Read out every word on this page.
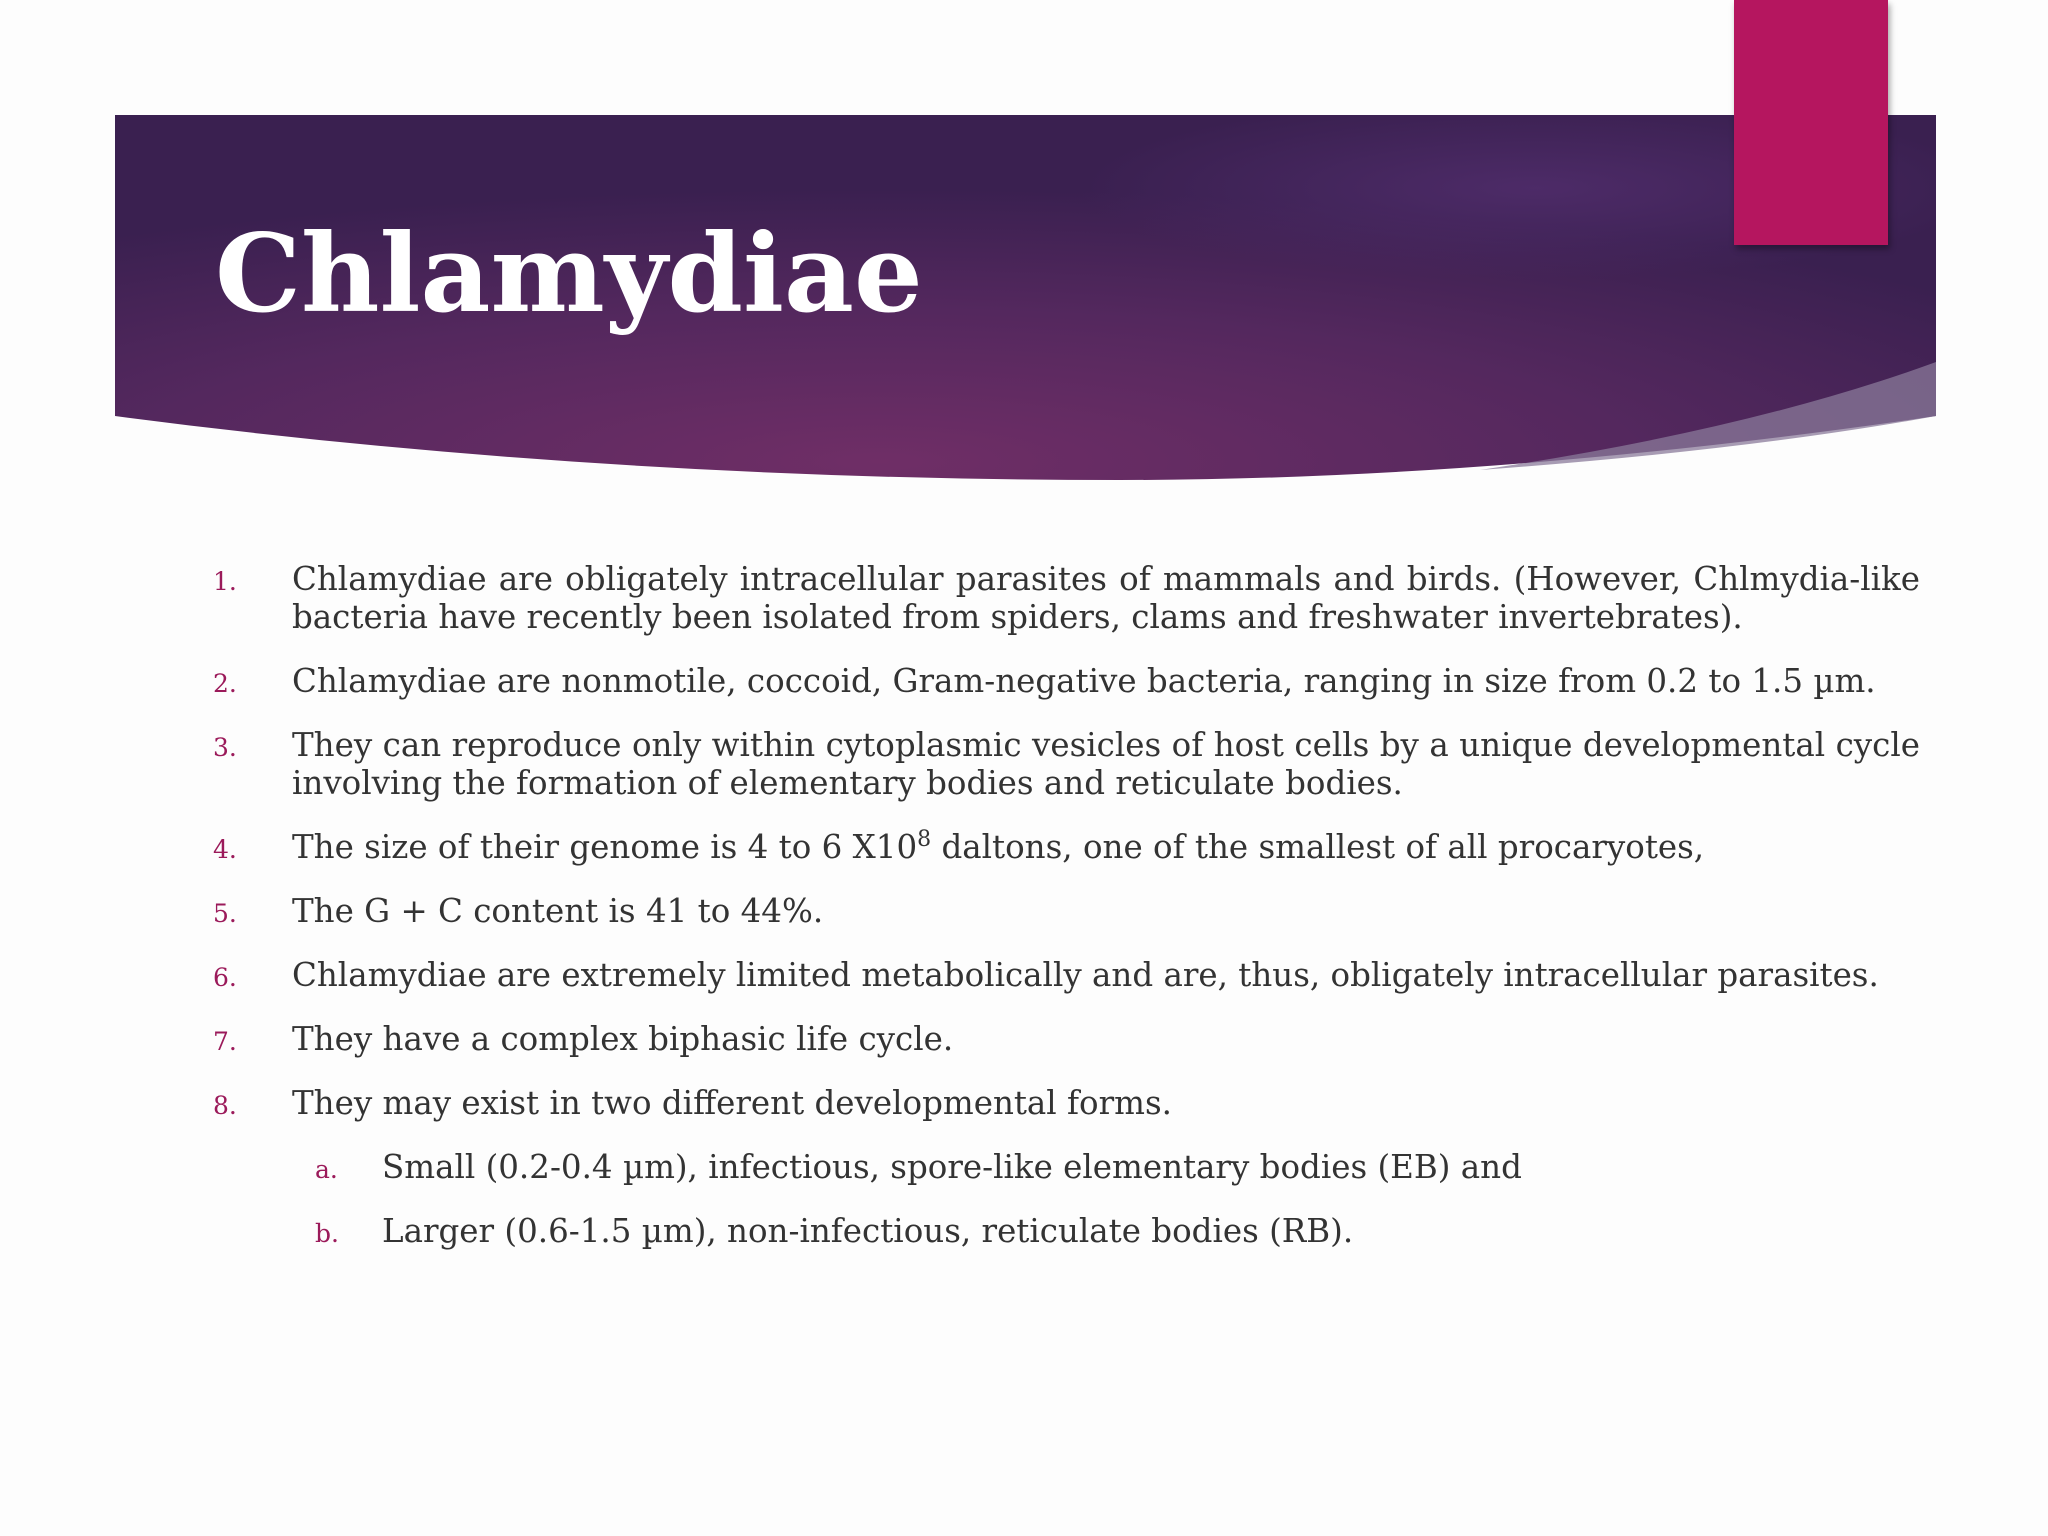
Chlamydiae
1. Chlamydiae are obligately intracellular parasites of mammals and birds. (However, Chlmydia-like bacteria have recently been isolated from spiders, clams and freshwater invertebrates).
2. Chlamydiae are nonmotile, coccoid, Gram-negative bacteria, ranging in size from 0.2 to 1.5 µm.
3. They can reproduce only within cytoplasmic vesicles of host cells by a unique developmental cycle involving the formation of elementary bodies and reticulate bodies.
4. The size of their genome is 4 to 6 $X10^8$ daltons, one of the smallest of all procaryotes,
5. The G + C content is 41 to 44%.
6. Chlamydiae are extremely limited metabolically and are, thus, obligately intracellular parasites.
7. They have a complex biphasic life cycle.
8. They may exist in two different developmental forms.
a. Small (0.2-0.4 µm), infectious, spore-like elementary bodies (EB) and
b. Larger (0.6-1.5 µm), non-infectious, reticulate bodies (RB).
